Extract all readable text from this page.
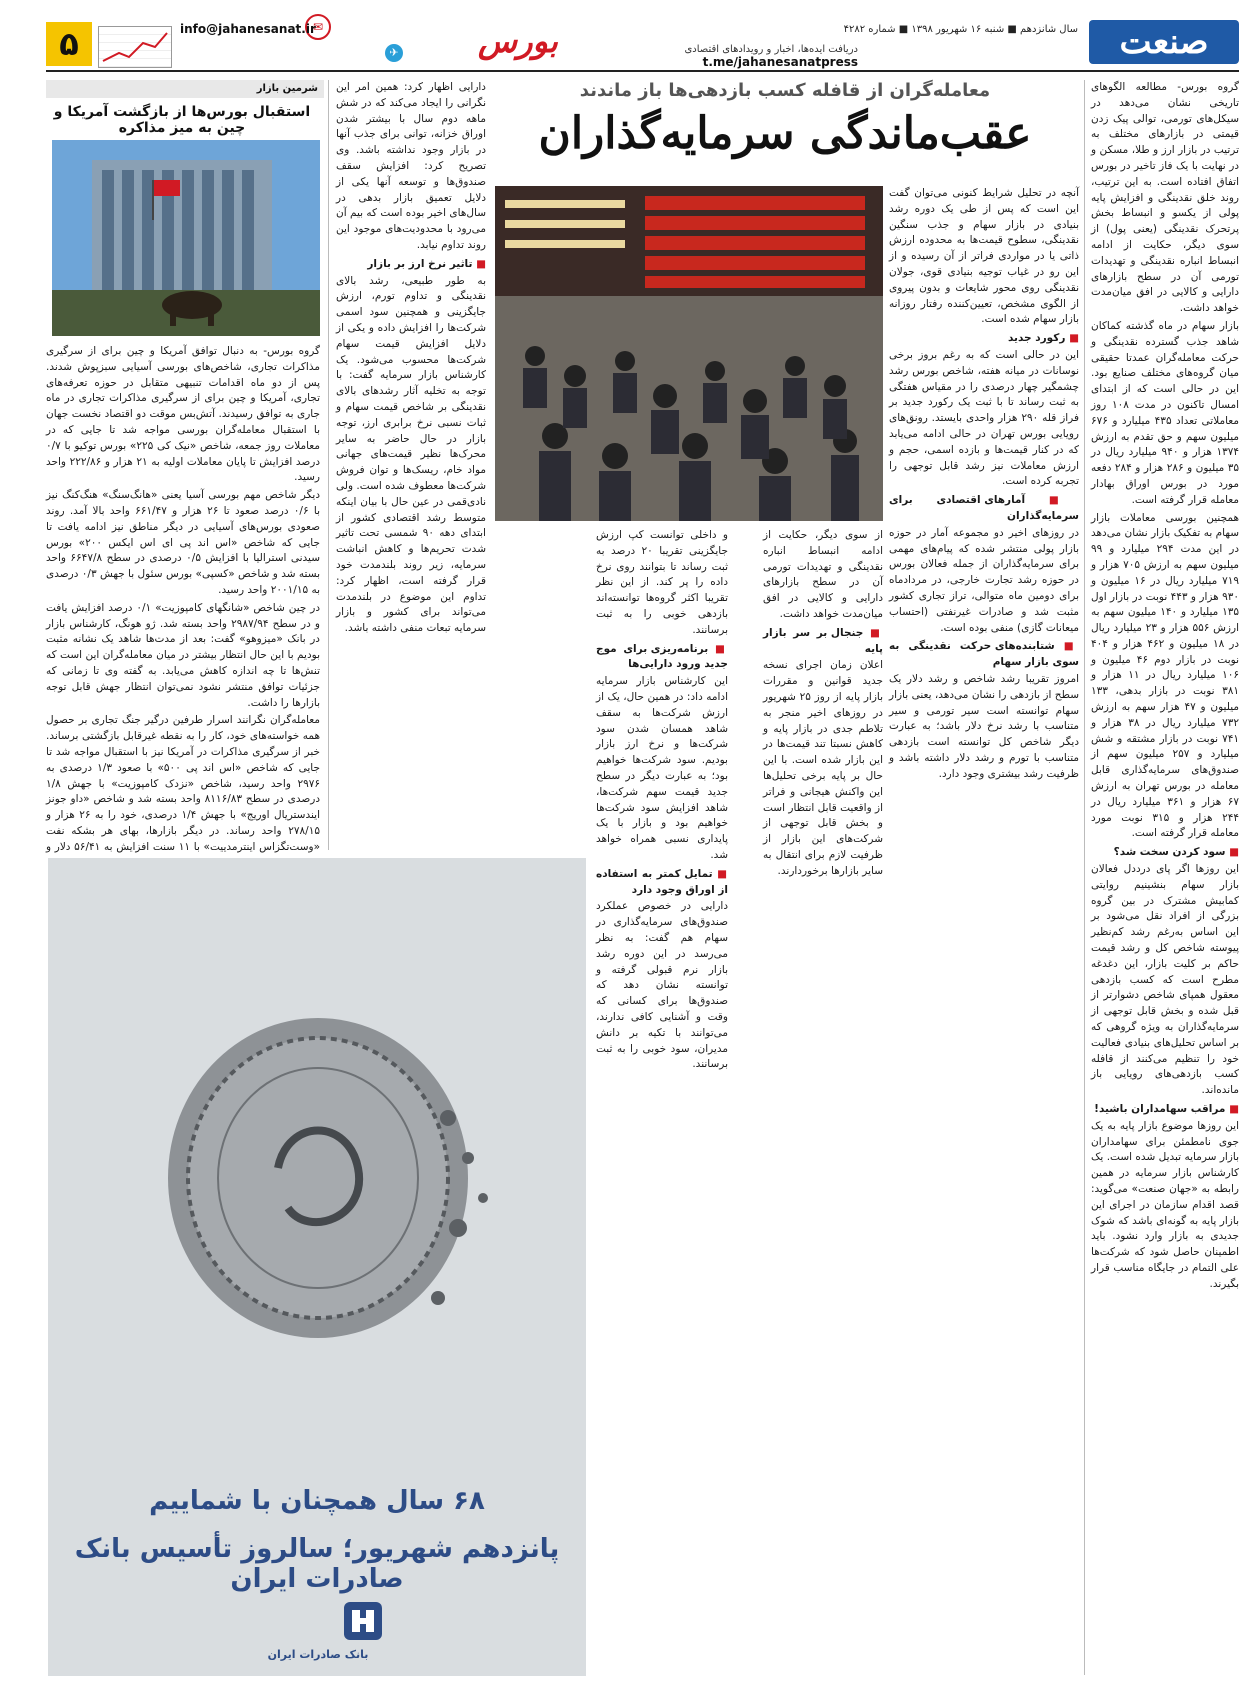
صنعت
سال شانزدهم ■ شنبه ۱۶ شهریور ۱۳۹۸ ■ شماره ۴۲۸۲
✈	دریافت ایده‌ها، اخبار و رویدادهای اقتصادی
t.me/jahanesanatpress
بورس
✉
info@jahanesanat.ir
۵
معامله‌گران از قافله کسب بازدهی‌ها باز ماندند
عقب‌ماندگی سرمایه‌گذاران

گروه بورس- مطالعه الگوهای تاریخی نشان می‌دهد در سیکل‌های تورمی، توالی پیک زدن قیمتی در بازارهای مختلف به ترتیب در بازار ارز و طلا، مسکن و در نهایت با یک فاز تاخیر در بورس اتفاق افتاده است. به این ترتیب، روند خلق نقدینگی و افزایش پایه پولی از یکسو و انبساط بخش پرتحرک نقدینگی (یعنی پول) از سوی دیگر، حکایت از ادامه انبساط انباره نقدینگی و تهدیدات تورمی آن در سطح بازارهای دارایی و کالایی در افق میان‌مدت خواهد داشت.

بازار سهام در ماه گذشته کماکان شاهد جذب گسترده نقدینگی و حرکت معامله‌گران عمدتا حقیقی میان گروه‌های مختلف صنایع بود. این در حالی است که از ابتدای امسال تاکنون در مدت ۱۰۸ روز معاملاتی تعداد ۴۳۵ میلیارد و ۶۷۶ میلیون سهم و حق تقدم به ارزش ۱۳۷۴ هزار و ۹۴۰ میلیارد ریال در ۳۵ میلیون و ۲۸۶ هزار و ۲۸۴ دفعه مورد در بورس اوراق بهادار معامله قرار گرفته است.

همچنین بورسی معاملات بازار سهام به تفکیک بازار نشان می‌دهد در این مدت ۲۹۴ میلیارد و ۹۹ میلیون سهم به ارزش ۷۰۵ هزار و ۷۱۹ میلیارد ریال در ۱۶ میلیون و ۹۳۰ هزار و ۴۴۳ نوبت در بازار اول ۱۳۵ میلیارد و ۱۴۰ میلیون سهم به ارزش ۵۵۶ هزار و ۲۳ میلیارد ریال در ۱۸ میلیون و ۴۶۲ هزار و ۴۰۴ نوبت در بازار دوم ۴۶ میلیون و ۱۰۶ میلیارد ریال در ۱۱ هزار و ۳۸۱ نوبت در بازار بدهی، ۱۳۳ میلیون و ۴۷ هزار سهم به ارزش ۷۳۲ میلیارد ریال در ۳۸ هزار و ۷۴۱ نوبت در بازار مشتقه و شش میلیارد و ۲۵۷ میلیون سهم از صندوق‌های سرمایه‌گذاری قابل معامله در بورس تهران به ارزش ۶۷ هزار و ۳۶۱ میلیارد ریال در ۲۴۴ هزار و ۳۱۵ نوبت مورد معامله قرار گرفته است.

■ سود کردن سخت شد؟

این روزها اگر پای درددل فعالان بازار سهام بنشینیم روایتی کمابیش مشترک در بین گروه بزرگی از افراد نقل می‌شود بر این اساس به‌رغم رشد کم‌نظیر پیوسته شاخص کل و رشد قیمت حاکم بر کلیت بازار، این دغدغه مطرح است که کسب بازدهی معقول همپای شاخص دشوارتر از قبل شده و بخش قابل توجهی از سرمایه‌گذاران به ویژه گروهی که بر اساس تحلیل‌های بنیادی فعالیت خود را تنظیم می‌کنند از قافله کسب بازدهی‌های رویایی باز مانده‌اند.

■ مراقب سهامداران باشید!

این روزها موضوع بازار پایه به یک جوی نامطمئن برای سهامداران بازار سرمایه تبدیل شده است. یک کارشناس بازار سرمایه در همین رابطه به «جهان صنعت» می‌گوید: قصد اقدام سازمان در اجرای این بازار پایه به گونه‌ای باشد که شوک جدیدی به بازار وارد نشود. باید اطمینان حاصل شود که شرکت‌ها علی التمام در جایگاه مناسب قرار بگیرند.

آنچه در تحلیل شرایط کنونی می‌توان گفت این است که پس از طی یک دوره رشد بنیادی در بازار سهام و جذب سنگین نقدینگی، سطوح قیمت‌ها به محدوده ارزش ذاتی یا در مواردی فراتر از آن رسیده و از این رو در غیاب توجیه بنیادی قوی، جولان نقدینگی روی محور شایعات و بدون پیروی از الگوی مشخص، تعیین‌کننده رفتار روزانه بازار سهام شده است.

■ رکورد جدید

این در حالی است که به رغم بروز برخی نوسانات در میانه هفته، شاخص بورس رشد چشمگیر چهار درصدی را در مقیاس هفتگی به ثبت رساند تا با ثبت یک رکورد جدید بر فراز قله ۲۹۰ هزار واحدی بایستد. رونق‌های رویایی بورس تهران در حالی ادامه می‌یابد که در کنار قیمت‌ها و بازده اسمی، حجم و ارزش معاملات نیز رشد قابل توجهی را تجربه کرده است.

■ آمارهای اقتصادی برای سرمایه‌گذاران

در روزهای اخیر دو مجموعه آمار در حوزه بازار پولی منتشر شده که پیام‌های مهمی برای سرمایه‌گذاران از جمله فعالان بورس در حوزه رشد تجارت خارجی، در مرداد‌ماه برای دومین ماه متوالی، تراز تجاری کشور مثبت شد و صادرات غیرنفتی (احتساب میعانات گازی) منفی بوده است.

■ شتابنده‌های حرکت نقدینگی به سوی بازار سهام

امروز تقریبا رشد شاخص و رشد دلار یک سطح از بازدهی را نشان می‌دهد، یعنی بازار سهام توانسته است سیر تورمی و سیر متناسب با رشد نرخ دلار باشد؛ به عبارت دیگر شاخص کل توانسته است بازدهی متناسب با تورم و رشد دلار داشته باشد و ظرفیت رشد بیشتری وجود دارد.

از سوی دیگر، حکایت از ادامه انبساط انباره نقدینگی و تهدیدات تورمی آن در سطح بازارهای دارایی و کالایی در افق میان‌مدت خواهد داشت.

■ جنجال بر سر بازار پایه

اعلان زمان اجرای نسخه جدید قوانین و مقررات بازار پایه از روز ۲۵ شهریور در روزهای اخیر منجر به تلاطم جدی در بازار پایه و کاهش نسبتا تند قیمت‌ها در این بازار شده است. با این حال بر پایه برخی تحلیل‌ها این واکنش هیجانی و فراتر از واقعیت قابل انتظار است و بخش قابل توجهی از شرکت‌های این بازار از ظرفیت لازم برای انتقال به سایر بازارها برخوردارند.

و داخلی توانست کپ ارزش جایگزینی تقریبا ۲۰ درصد به ثبت رساند تا بتوانند روی نرخ داده را پر کند. از این نظر تقریبا اکثر گروه‌ها توانسته‌اند بازدهی خوبی را به ثبت برسانند.

■ برنامه‌ریزی برای موج جدید ورود دارایی‌ها

این کارشناس بازار سرمایه ادامه داد: در همین حال، یک از ارزش شرکت‌ها به سقف شاهد همسان شدن سود شرکت‌ها و نرخ ارز بازار بودیم. سود شرکت‌ها خواهیم بود؛ به عبارت دیگر در سطح جدید قیمت سهم شرکت‌ها، شاهد افزایش سود شرکت‌ها خواهیم بود و بازار با یک پایداری نسبی همراه خواهد شد.

■ تمایل کمتر به استفاده از اوراق وجود دارد

دارایی در خصوص عملکرد صندوق‌های سرمایه‌گذاری در سهام هم گفت: به نظر می‌رسد در این دوره رشد بازار نرم قبولی گرفته و توانسته نشان دهد که صندوق‌ها برای کسانی که وقت و آشنایی کافی ندارند، می‌توانند با تکیه بر دانش مدیران، سود خوبی را به ثبت برسانند.

دارایی اظهار کرد: همین امر این نگرانی را ایجاد می‌کند که در شش ماهه دوم سال با بیشتر شدن اوراق خزانه، توانی برای جذب آنها در بازار وجود نداشته باشد. وی تصریح کرد: افزایش سقف صندوق‌ها و توسعه آنها یکی از دلایل تعمیق بازار بدهی در سال‌های اخیر بوده است که بیم آن می‌رود با محدودیت‌های موجود این روند تداوم نیابد.

■ تاثیر نرخ ارز بر بازار

به طور طبیعی، رشد بالای نقدینگی و تداوم تورم، ارزش جایگزینی و همچنین سود اسمی شرکت‌ها را افزایش داده و یکی از دلایل افزایش قیمت سهام شرکت‌ها محسوب می‌شود. یک کارشناس بازار سرمایه گفت: با توجه به تخلیه آثار رشدهای بالای نقدینگی بر شاخص قیمت سهام و ثبات نسبی نرخ برابری ارز، توجه بازار در حال حاضر به سایر محرک‌ها نظیر قیمت‌های جهانی مواد خام، ریسک‌ها و توان فروش شرکت‌ها معطوف شده است. ولی نادی‌قمی در عین حال با بیان اینکه متوسط رشد اقتصادی کشور از ابتدای دهه ۹۰ شمسی تحت تاثیر شدت تحریم‌ها و کاهش انباشت سرمایه، زیر روند بلندمدت خود قرار گرفته است، اظهار کرد: تداوم این موضوع در بلندمدت می‌تواند برای کشور و بازار سرمایه تبعات منفی داشته باشد.

شرمین بازار
استقبال بورس‌ها از بازگشت آمریکا و چین به میز مذاکره

گروه بورس- به دنبال توافق آمریکا و چین برای از سرگیری مذاکرات تجاری، شاخص‌های بورسی آسیایی سبزپوش شدند. پس از دو ماه اقدامات تنبیهی متقابل در حوزه تعرفه‌های تجاری، آمریکا و چین برای از سرگیری مذاکرات تجاری در ماه جاری به توافق رسیدند. آتش‌بس موقت دو اقتصاد نخست جهان با استقبال معامله‌گران بورسی مواجه شد تا جایی که در معاملات روز جمعه، شاخص «نیک کی ۲۲۵» بورس توکیو با ۰/۷ درصد افزایش تا پایان معاملات اولیه به ۲۱ هزار و ۲۲۲/۸۶ واحد رسید.

دیگر شاخص مهم بورسی آسیا یعنی «هانگ‌سنگ» هنگ‌کنگ نیز با ۰/۶ درصد صعود تا ۲۶ هزار و ۶۶۱/۴۷ واحد بالا آمد. روند صعودی بورس‌های آسیایی در دیگر مناطق نیز ادامه یافت تا جایی که شاخص «اس اند پی ای اس ایکس ۲۰۰» بورس سیدنی استرالیا با افزایش ۰/۵ درصدی در سطح ۶۶۴۷/۸ واحد بسته شد و شاخص «کسپی» بورس سئول با جهش ۰/۳ درصدی به ۲۰۰۱/۱۵ واحد رسید.

در چین شاخص «شانگهای کامپوزیت» ۰/۱ درصد افزایش یافت و در سطح ۲۹۸۷/۹۴ واحد بسته شد. ژو هونگ، کارشناس بازار در بانک «میزوهو» گفت: بعد از مدت‌ها شاهد یک نشانه مثبت بودیم با این حال انتظار بیشتر در میان معامله‌گران این است که تنش‌ها تا چه اندازه کاهش می‌یابد. به گفته وی تا زمانی که جزئیات توافق منتشر نشود نمی‌توان انتظار جهش قابل توجه بازارها را داشت.

معامله‌گران نگرانند اسرار طرفین درگیر جنگ تجاری بر حصول همه خواسته‌های خود، کار را به نقطه غیرقابل بازگشتی برساند. خبر از سرگیری مذاکرات در آمریکا نیز با استقبال مواجه شد تا جایی که شاخص «اس اند پی ۵۰۰» با صعود ۱/۳ درصدی به ۲۹۷۶ واحد رسید، شاخص «نزدک کامپوزیت» با جهش ۱/۸ درصدی در سطح ۸۱۱۶/۸۳ واحد بسته شد و شاخص «داو جونز ایندستریال اوریج» با جهش ۱/۴ درصدی، خود را به ۲۶ هزار و ۲۷۸/۱۵ واحد رساند. در دیگر بازارها، بهای هر بشکه نفت «وست‌تگزاس اینترمدییت» با ۱۱ سنت افزایش به ۵۶/۴۱ دلار و

۶۸ سال همچنان با شمایيم
پانزدهم شهریور؛ سالروز تأسیس بانک صادرات ایران
بانک صادرات ایران
